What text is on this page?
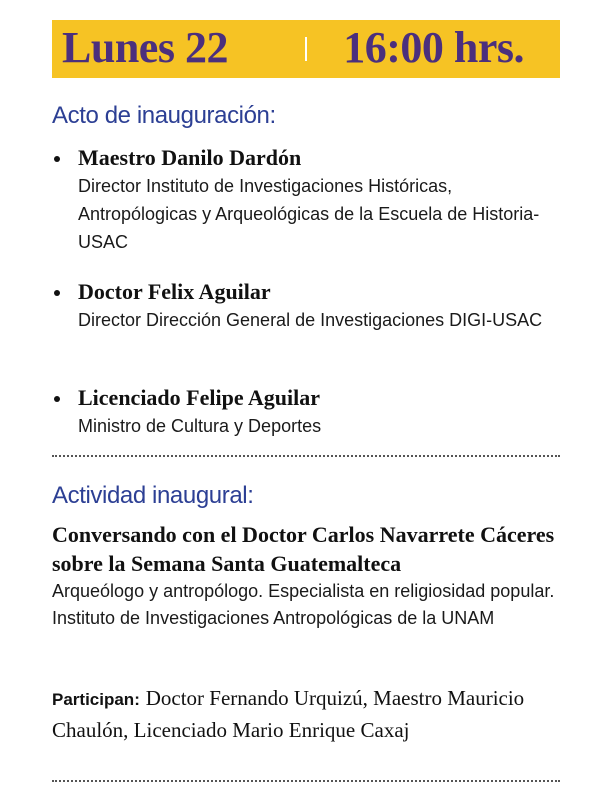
Lunes 22	16:00 hrs.
Acto de inauguración:
Maestro Danilo Dardón
Director Instituto de Investigaciones Históricas, Antropólogicas y Arqueológicas de la Escuela de Historia-USAC
Doctor Felix Aguilar
Director Dirección General de Investigaciones DIGI-USAC
Licenciado Felipe Aguilar
Ministro de Cultura y Deportes
Actividad inaugural:
Conversando con el Doctor Carlos Navarrete Cáceres sobre la Semana Santa Guatemalteca
Arqueólogo y antropólogo. Especialista en religiosidad popular. Instituto de Investigaciones Antropológicas de la UNAM
Participan: Doctor Fernando Urquizú, Maestro Mauricio Chaulón, Licenciado Mario Enrique Caxaj
